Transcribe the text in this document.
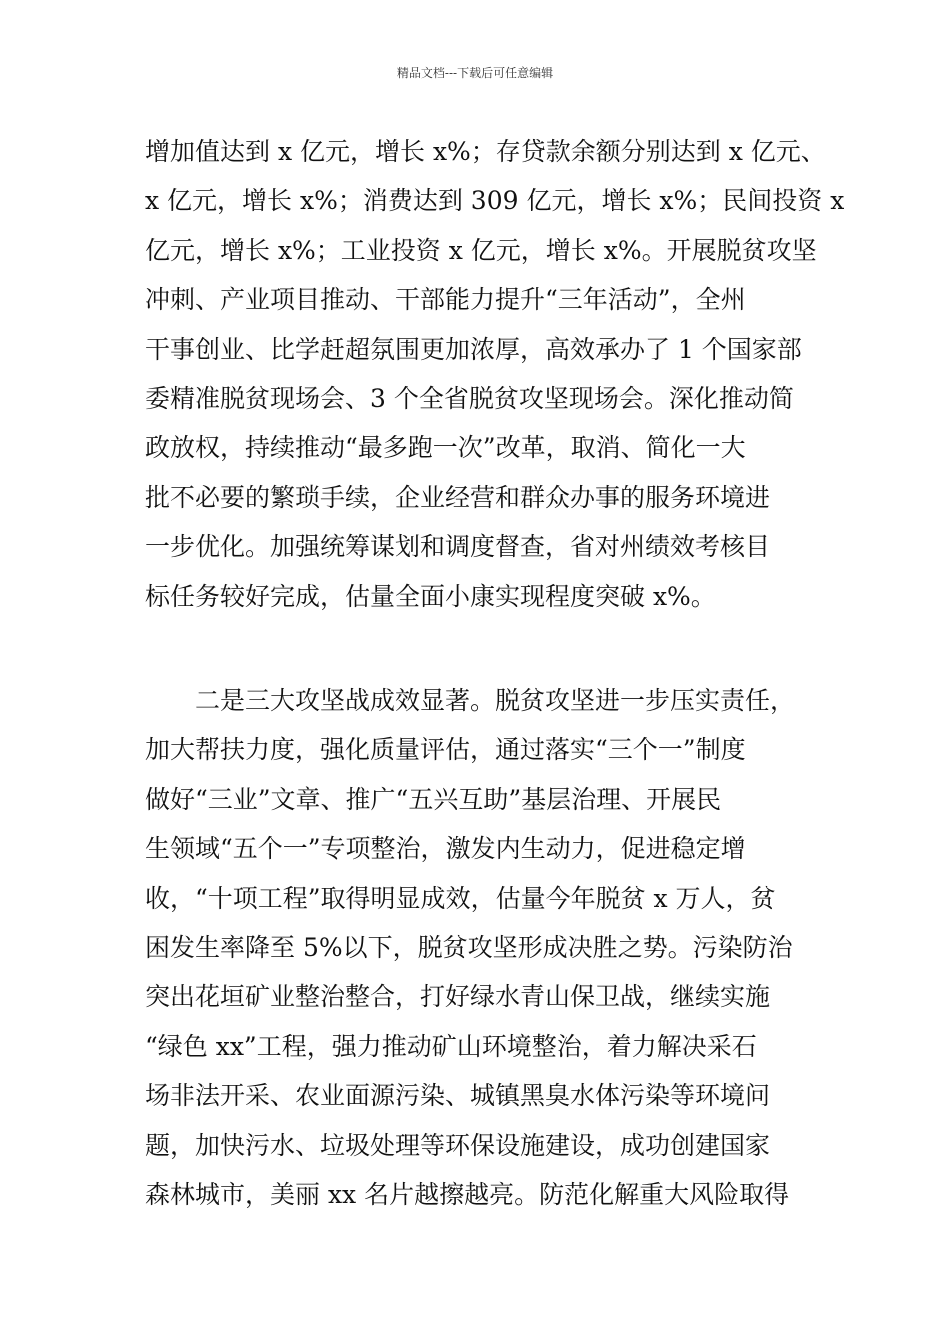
精品文档---下载后可任意编辑
增加值达到 x 亿元，增长 x%；存贷款余额分别达到 x 亿元、
x 亿元，增长 x%；消费达到 309 亿元，增长 x%；民间投资 x
亿元，增长 x%；工业投资 x 亿元，增长 x%。开展脱贫攻坚
冲刺、产业项目推动、干部能力提升“三年活动”，全州
干事创业、比学赶超氛围更加浓厚，高效承办了 1 个国家部
委精准脱贫现场会、3 个全省脱贫攻坚现场会。深化推动简
政放权，持续推动“最多跑一次”改革，取消、简化一大
批不必要的繁琐手续，企业经营和群众办事的服务环境进
一步优化。加强统筹谋划和调度督查，省对州绩效考核目
标任务较好完成，估量全面小康实现程度突破 x%。
二是三大攻坚战成效显著。脱贫攻坚进一步压实责任，
加大帮扶力度，强化质量评估，通过落实“三个一”制度
做好“三业”文章、推广“五兴互助”基层治理、开展民
生领域“五个一”专项整治，激发内生动力，促进稳定增
收，“十项工程”取得明显成效，估量今年脱贫 x 万人，贫
困发生率降至 5%以下，脱贫攻坚形成决胜之势。污染防治
突出花垣矿业整治整合，打好绿水青山保卫战，继续实施
“绿色 xx”工程，强力推动矿山环境整治，着力解决采石
场非法开采、农业面源污染、城镇黑臭水体污染等环境问
题，加快污水、垃圾处理等环保设施建设，成功创建国家
森林城市，美丽 xx 名片越擦越亮。防范化解重大风险取得
